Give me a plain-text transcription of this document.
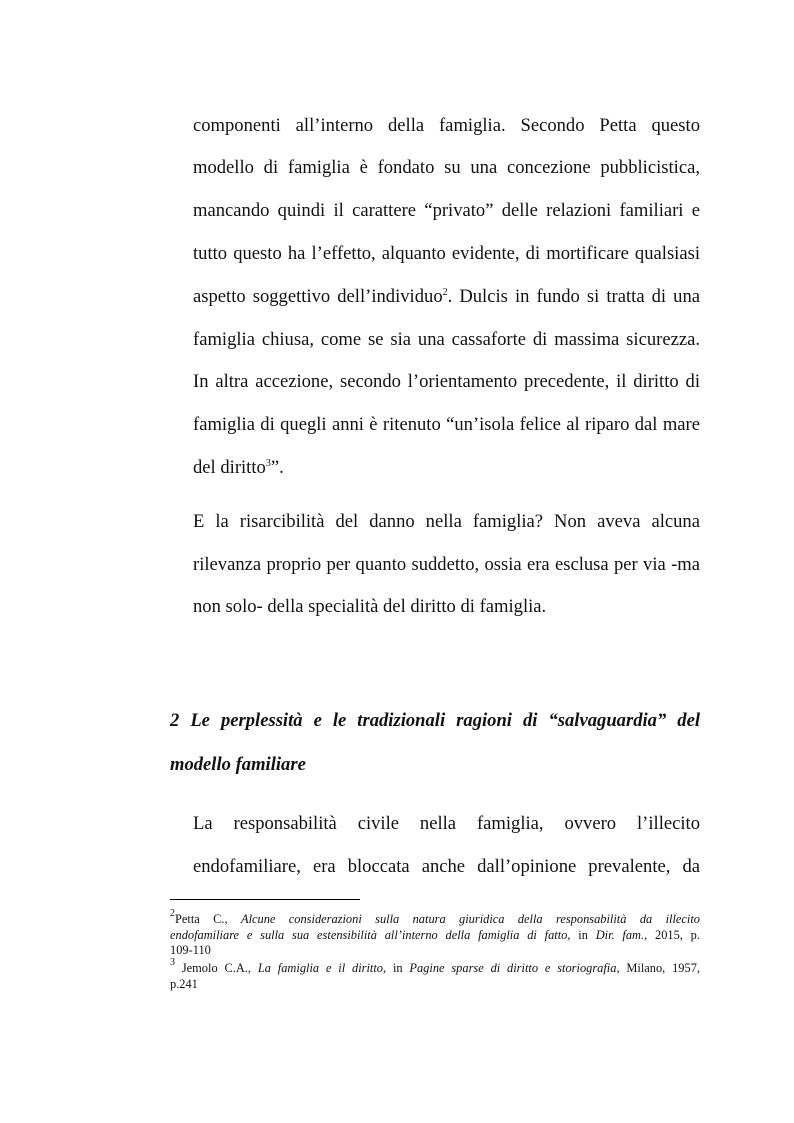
componenti all’interno della famiglia. Secondo Petta questo
modello di famiglia è fondato su una concezione pubblicistica,
mancando quindi il carattere “privato” delle relazioni familiari e
tutto questo ha l’effetto, alquanto evidente, di mortificare qualsiasi
aspetto soggettivo dell’individuo$^2$. Dulcis in fundo si tratta di una
famiglia chiusa, come se sia una cassaforte di massima sicurezza.
In altra accezione, secondo l’orientamento precedente, il diritto di
famiglia di quegli anni è ritenuto “un’isola felice al riparo dal mare
del diritto$^3$”.
E la risarcibilità del danno nella famiglia? Non aveva alcuna
rilevanza proprio per quanto suddetto, ossia era esclusa per via -ma
non solo- della specialità del diritto di famiglia.
2 Le perplessità e le tradizionali ragioni di “salvaguardia” del
modello familiare
La responsabilità civile nella famiglia, ovvero l’illecito
endofamiliare, era bloccata anche dall’opinione prevalente, da
$^2$Petta C., Alcune considerazioni sulla natura giuridica della responsabilità da illecito
endofamiliare e sulla sua estensibilità all’interno della famiglia di fatto, in Dir. fam., 2015, p.
109-110
$^3$ Jemolo C.A., La famiglia e il diritto, in Pagine sparse di diritto e storiografia, Milano, 1957,
p.241
